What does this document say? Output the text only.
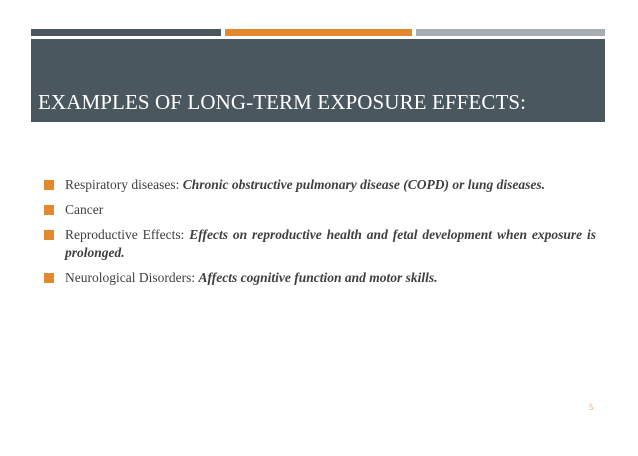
EXAMPLES OF LONG-TERM EXPOSURE EFFECTS:
Respiratory diseases: Chronic obstructive pulmonary disease (COPD) or lung diseases.
Cancer
Reproductive Effects: Effects on reproductive health and fetal development when exposure is prolonged.
Neurological Disorders: Affects cognitive function and motor skills.
5
